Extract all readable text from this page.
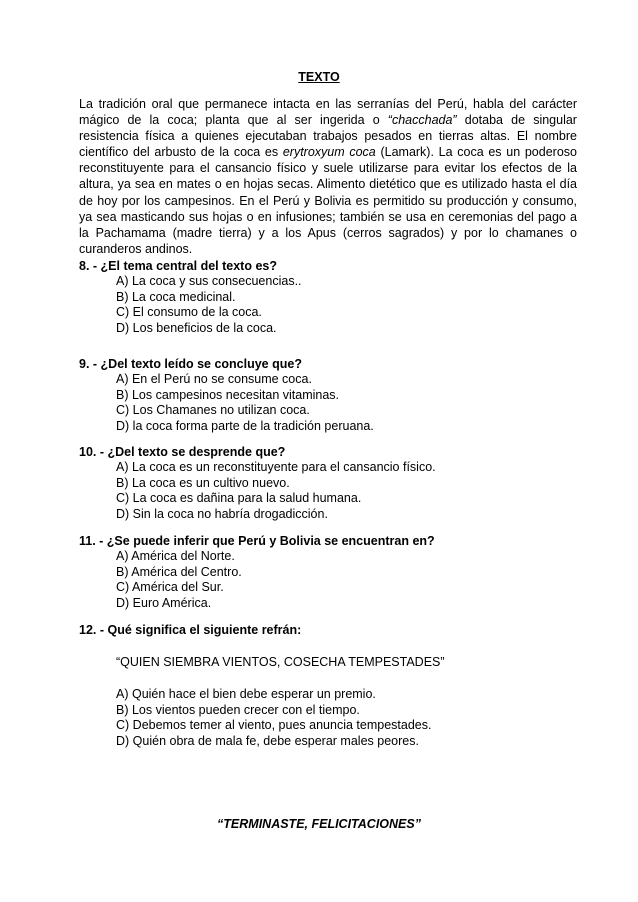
TEXTO
La tradición oral que permanece intacta en las serranías del Perú, habla del carácter mágico de la coca; planta que al ser ingerida o “chacchada” dotaba de singular resistencia física a quienes ejecutaban trabajos pesados en tierras altas. El nombre científico del arbusto de la coca es erytroxyum coca (Lamark). La coca es un poderoso reconstituyente para el cansancio físico y suele utilizarse para evitar los efectos de la altura, ya sea en mates o en hojas secas. Alimento dietético que es utilizado hasta el día de hoy por los campesinos. En el Perú y Bolivia es permitido su producción y consumo, ya sea masticando sus hojas o en infusiones; también se usa en ceremonias del pago a la Pachamama (madre tierra) y a los Apus (cerros sagrados) y por lo chamanes o curanderos andinos.
8. - ¿El tema central del texto es?
A) La coca y sus consecuencias..
B) La coca medicinal.
C) El consumo de la coca.
D) Los beneficios de la coca.
9. - ¿Del texto leído se concluye que?
A) En el Perú no se consume coca.
B) Los campesinos necesitan vitaminas.
C) Los Chamanes no utilizan coca.
D) la coca forma parte de la tradición peruana.
10. - ¿Del texto se desprende que?
A) La coca es un reconstituyente para el cansancio físico.
B) La coca es un cultivo nuevo.
C) La coca es dañina para la salud humana.
D) Sin la coca no habría drogadicción.
11. - ¿Se puede inferir que Perú y Bolivia se encuentran en?
A) América del Norte.
B) América del Centro.
C) América del Sur.
D) Euro América.
12. - Qué significa el siguiente refrán:
“QUIEN SIEMBRA VIENTOS, COSECHA TEMPESTADES”
A) Quién hace el bien debe esperar un premio.
B) Los vientos pueden crecer con el tiempo.
C) Debemos temer al viento, pues anuncia tempestades.
D) Quién obra de mala fe, debe esperar males peores.
“TERMINASTE, FELICITACIONES”
